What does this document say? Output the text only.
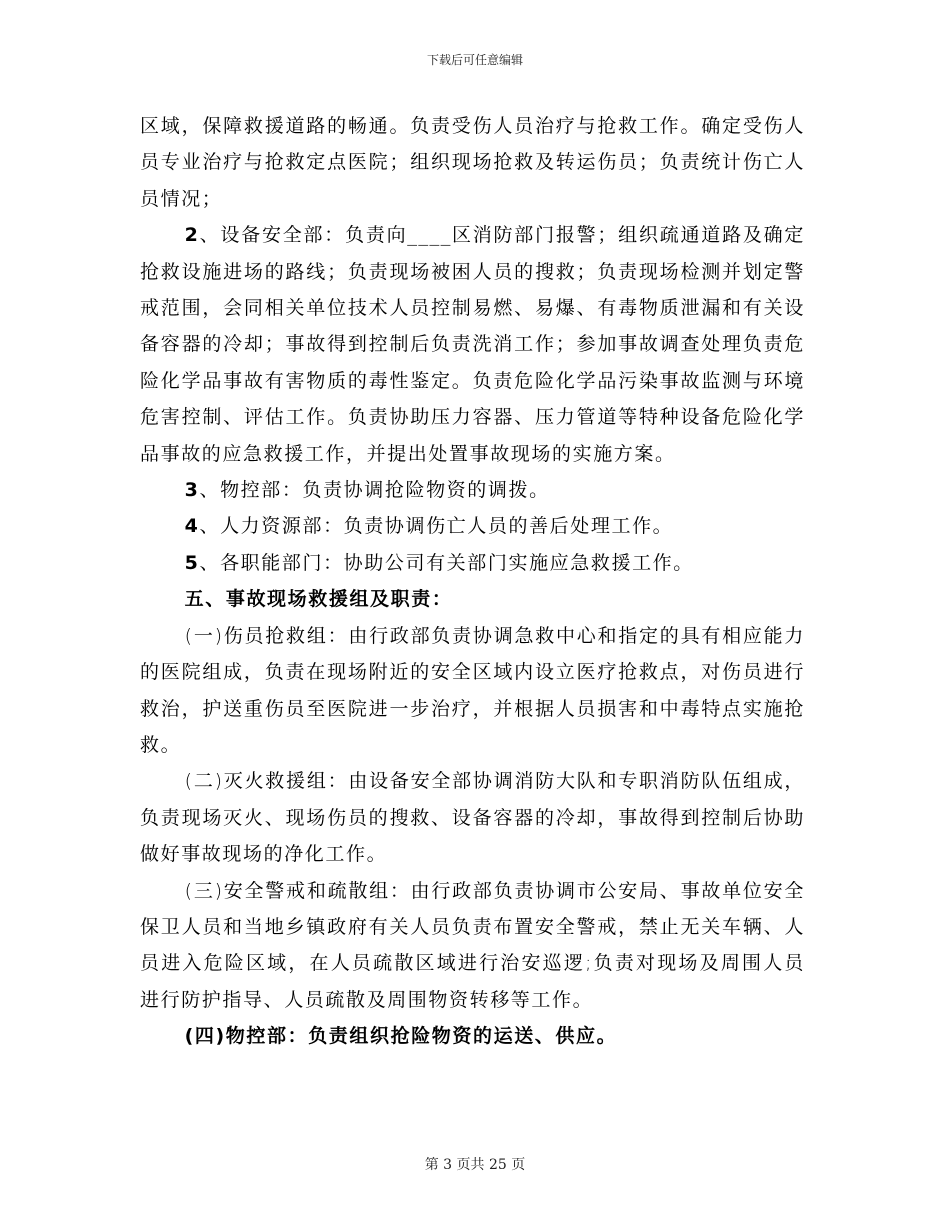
下载后可任意编辑

区域，保障救援道路的畅通。负责受伤人员治疗与抢救工作。确定受伤人员专业治疗与抢救定点医院；组织现场抢救及转运伤员；负责统计伤亡人员情况；

2、设备安全部：负责向____区消防部门报警；组织疏通道路及确定抢救设施进场的路线；负责现场被困人员的搜救；负责现场检测并划定警戒范围，会同相关单位技术人员控制易燃、易爆、有毒物质泄漏和有关设备容器的冷却；事故得到控制后负责洗消工作；参加事故调查处理负责危险化学品事故有害物质的毒性鉴定。负责危险化学品污染事故监测与环境危害控制、评估工作。负责协助压力容器、压力管道等特种设备危险化学品事故的应急救援工作，并提出处置事故现场的实施方案。

3、物控部：负责协调抢险物资的调拨。

4、人力资源部：负责协调伤亡人员的善后处理工作。

5、各职能部门：协助公司有关部门实施应急救援工作。

五、事故现场救援组及职责：

(一)伤员抢救组：由行政部负责协调急救中心和指定的具有相应能力的医院组成，负责在现场附近的安全区域内设立医疗抢救点，对伤员进行救治，护送重伤员至医院进一步治疗，并根据人员损害和中毒特点实施抢救。

(二)灭火救援组：由设备安全部协调消防大队和专职消防队伍组成，负责现场灭火、现场伤员的搜救、设备容器的冷却，事故得到控制后协助做好事故现场的净化工作。

(三)安全警戒和疏散组：由行政部负责协调市公安局、事故单位安全保卫人员和当地乡镇政府有关人员负责布置安全警戒，禁止无关车辆、人员进入危险区域，在人员疏散区域进行治安巡逻;负责对现场及周围人员进行防护指导、人员疏散及周围物资转移等工作。

(四)物控部：负责组织抢险物资的运送、供应。

第 3 页共 25 页
